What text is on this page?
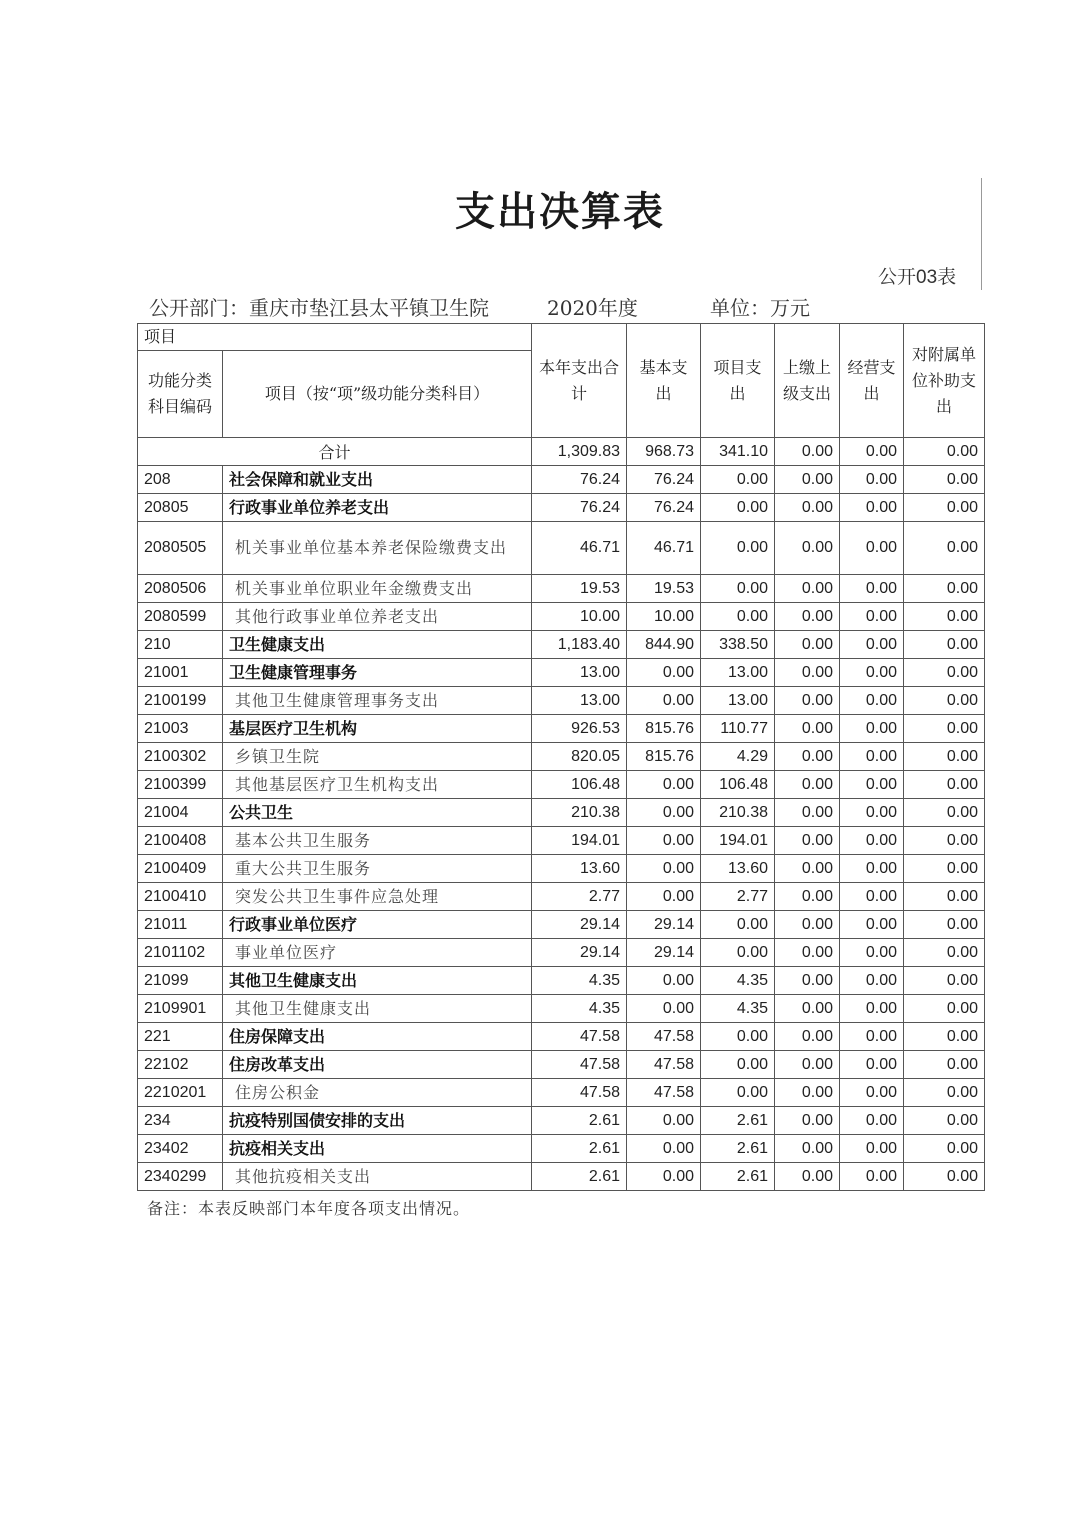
支出决算表
公开03表
公开部门：重庆市垫江县太平镇卫生院	2020年度	单位：万元
项目		本年支出合计	基本支出	项目支出	上缴上级支出	经营支出	对附属单位补助支出
功能分类科目编码	项目（按“项”级功能分类科目）						
合计		1,309.83	968.73	341.10	0.00	0.00	0.00
208	社会保障和就业支出	76.24	76.24	0.00	0.00	0.00	0.00
20805	行政事业单位养老支出	76.24	76.24	0.00	0.00	0.00	0.00
2080505	机关事业单位基本养老保险缴费支出	46.71	46.71	0.00	0.00	0.00	0.00
2080506	机关事业单位职业年金缴费支出	19.53	19.53	0.00	0.00	0.00	0.00
2080599	其他行政事业单位养老支出	10.00	10.00	0.00	0.00	0.00	0.00
210	卫生健康支出	1,183.40	844.90	338.50	0.00	0.00	0.00
21001	卫生健康管理事务	13.00	0.00	13.00	0.00	0.00	0.00
2100199	其他卫生健康管理事务支出	13.00	0.00	13.00	0.00	0.00	0.00
21003	基层医疗卫生机构	926.53	815.76	110.77	0.00	0.00	0.00
2100302	乡镇卫生院	820.05	815.76	4.29	0.00	0.00	0.00
2100399	其他基层医疗卫生机构支出	106.48	0.00	106.48	0.00	0.00	0.00
21004	公共卫生	210.38	0.00	210.38	0.00	0.00	0.00
2100408	基本公共卫生服务	194.01	0.00	194.01	0.00	0.00	0.00
2100409	重大公共卫生服务	13.60	0.00	13.60	0.00	0.00	0.00
2100410	突发公共卫生事件应急处理	2.77	0.00	2.77	0.00	0.00	0.00
21011	行政事业单位医疗	29.14	29.14	0.00	0.00	0.00	0.00
2101102	事业单位医疗	29.14	29.14	0.00	0.00	0.00	0.00
21099	其他卫生健康支出	4.35	0.00	4.35	0.00	0.00	0.00
2109901	其他卫生健康支出	4.35	0.00	4.35	0.00	0.00	0.00
221	住房保障支出	47.58	47.58	0.00	0.00	0.00	0.00
22102	住房改革支出	47.58	47.58	0.00	0.00	0.00	0.00
2210201	住房公积金	47.58	47.58	0.00	0.00	0.00	0.00
234	抗疫特别国债安排的支出	2.61	0.00	2.61	0.00	0.00	0.00
23402	抗疫相关支出	2.61	0.00	2.61	0.00	0.00	0.00
2340299	其他抗疫相关支出	2.61	0.00	2.61	0.00	0.00	0.00
备注：本表反映部门本年度各项支出情况。
